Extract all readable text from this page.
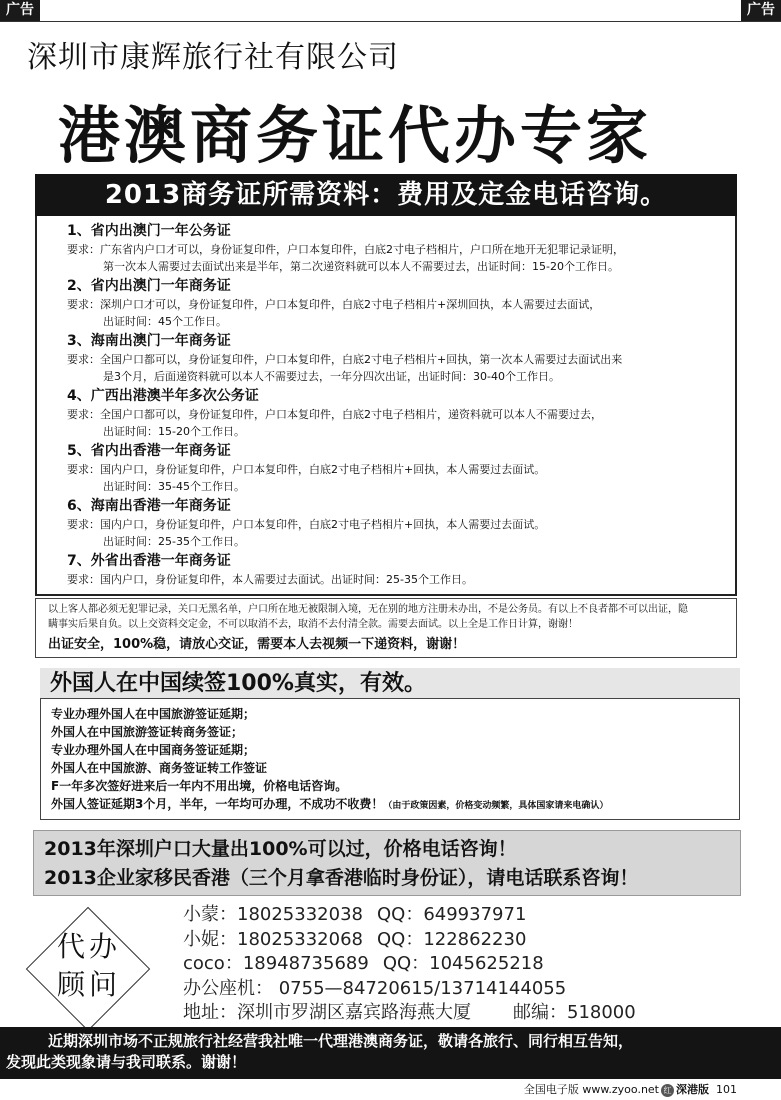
广告	广告
深圳市康辉旅行社有限公司
港澳商务证代办专家
2013商务证所需资料：费用及定金电话咨询。
1、省内出澳门一年公务证
要求：广东省内户口才可以，身份证复印件，户口本复印件，白底2寸电子档相片，户口所在地开无犯罪记录证明，
第一次本人需要过去面试出来是半年，第二次递资料就可以本人不需要过去，出证时间：15-20个工作日。
2、省内出澳门一年商务证
要求：深圳户口才可以，身份证复印件，户口本复印件，白底2寸电子档相片+深圳回执，本人需要过去面试，
出证时间：45个工作日。
3、海南出澳门一年商务证
要求：全国户口都可以，身份证复印件，户口本复印件，白底2寸电子档相片+回执，第一次本人需要过去面试出来
是3个月，后面递资料就可以本人不需要过去，一年分四次出证，出证时间：30-40个工作日。
4、广西出港澳半年多次公务证
要求：全国户口都可以，身份证复印件，户口本复印件，白底2寸电子档相片，递资料就可以本人不需要过去，
出证时间：15-20个工作日。
5、省内出香港一年商务证
要求：国内户口，身份证复印件，户口本复印件，白底2寸电子档相片+回执，本人需要过去面试。
出证时间：35-45个工作日。
6、海南出香港一年商务证
要求：国内户口，身份证复印件，户口本复印件，白底2寸电子档相片+回执，本人需要过去面试。
出证时间：25-35个工作日。
7、外省出香港一年商务证
要求：国内户口，身份证复印件，本人需要过去面试。出证时间：25-35个工作日。
以上客人都必须无犯罪记录，关口无黑名单，户口所在地无被限制入境，无在别的地方注册未办出，不是公务员。有以上不良者都不可以出证，隐
瞒事实后果自负。以上交资料交定金，不可以取消不去，取消不去付清全款。需要去面试。以上全是工作日计算，谢谢！
出证安全，100%稳，请放心交证，需要本人去视频一下递资料，谢谢！
外国人在中国续签100%真实，有效。
专业办理外国人在中国旅游签证延期；
外国人在中国旅游签证转商务签证；
专业办理外国人在中国商务签证延期；
外国人在中国旅游、商务签证转工作签证
F一年多次签好进来后一年内不用出境，价格电话咨询。
外国人签证延期3个月，半年，一年均可办理，不成功不收费！（由于政策因素，价格变动频繁，具体国家请来电确认）
2013年深圳户口大量出100%可以过，价格电话咨询！
2013企业家移民香港（三个月拿香港临时身份证），请电话联系咨询！
代办
顾问
小蒙：18025332038 QQ：649937971
小妮：18025332068 QQ：122862230
coco：18948735689 QQ：1045625218
办公座机： 0755—84720615/13714144055
地址：深圳市罗湖区嘉宾路海燕大厦 邮编：518000
近期深圳市场不正规旅行社经营我社唯一代理港澳商务证，敬请各旅行、同行相互告知，
发现此类现象请与我司联系。谢谢！
全国电子版 www.zyoo.net 红 深港版 101
